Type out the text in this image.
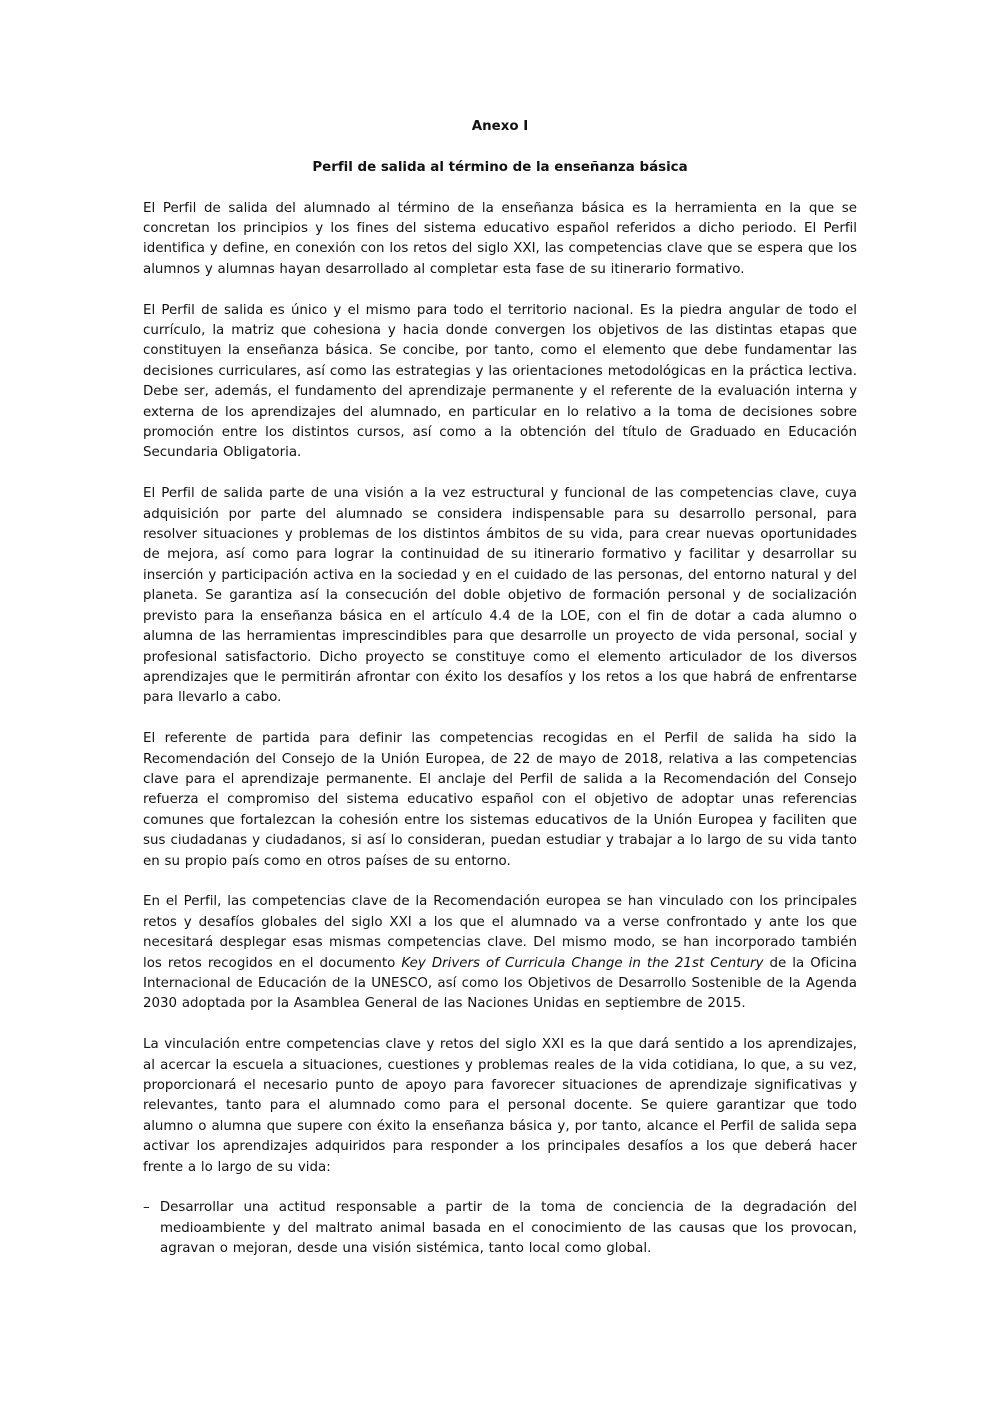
Anexo I
Perfil de salida al término de la enseñanza básica

El Perfil de salida del alumnado al término de la enseñanza básica es la herramienta en la que se concretan los principios y los fines del sistema educativo español referidos a dicho periodo. El Perfil identifica y define, en conexión con los retos del siglo XXI, las competencias clave que se espera que los alumnos y alumnas hayan desarrollado al completar esta fase de su itinerario formativo.

El Perfil de salida es único y el mismo para todo el territorio nacional. Es la piedra angular de todo el currículo, la matriz que cohesiona y hacia donde convergen los objetivos de las distintas etapas que constituyen la enseñanza básica. Se concibe, por tanto, como el elemento que debe fundamentar las decisiones curriculares, así como las estrategias y las orientaciones metodológicas en la práctica lectiva. Debe ser, además, el fundamento del aprendizaje permanente y el referente de la evaluación interna y externa de los aprendizajes del alumnado, en particular en lo relativo a la toma de decisiones sobre promoción entre los distintos cursos, así como a la obtención del título de Graduado en Educación Secundaria Obligatoria.

El Perfil de salida parte de una visión a la vez estructural y funcional de las competencias clave, cuya adquisición por parte del alumnado se considera indispensable para su desarrollo personal, para resolver situaciones y problemas de los distintos ámbitos de su vida, para crear nuevas oportunidades de mejora, así como para lograr la continuidad de su itinerario formativo y facilitar y desarrollar su inserción y participación activa en la sociedad y en el cuidado de las personas, del entorno natural y del planeta. Se garantiza así la consecución del doble objetivo de formación personal y de socialización previsto para la enseñanza básica en el artículo 4.4 de la LOE, con el fin de dotar a cada alumno o alumna de las herramientas imprescindibles para que desarrolle un proyecto de vida personal, social y profesional satisfactorio. Dicho proyecto se constituye como el elemento articulador de los diversos aprendizajes que le permitirán afrontar con éxito los desafíos y los retos a los que habrá de enfrentarse para llevarlo a cabo.

El referente de partida para definir las competencias recogidas en el Perfil de salida ha sido la Recomendación del Consejo de la Unión Europea, de 22 de mayo de 2018, relativa a las competencias clave para el aprendizaje permanente. El anclaje del Perfil de salida a la Recomendación del Consejo refuerza el compromiso del sistema educativo español con el objetivo de adoptar unas referencias comunes que fortalezcan la cohesión entre los sistemas educativos de la Unión Europea y faciliten que sus ciudadanas y ciudadanos, si así lo consideran, puedan estudiar y trabajar a lo largo de su vida tanto en su propio país como en otros países de su entorno.

En el Perfil, las competencias clave de la Recomendación europea se han vinculado con los principales retos y desafíos globales del siglo XXI a los que el alumnado va a verse confrontado y ante los que necesitará desplegar esas mismas competencias clave. Del mismo modo, se han incorporado también los retos recogidos en el documento Key Drivers of Curricula Change in the 21st Century de la Oficina Internacional de Educación de la UNESCO, así como los Objetivos de Desarrollo Sostenible de la Agenda 2030 adoptada por la Asamblea General de las Naciones Unidas en septiembre de 2015.

La vinculación entre competencias clave y retos del siglo XXI es la que dará sentido a los aprendizajes, al acercar la escuela a situaciones, cuestiones y problemas reales de la vida cotidiana, lo que, a su vez, proporcionará el necesario punto de apoyo para favorecer situaciones de aprendizaje significativas y relevantes, tanto para el alumnado como para el personal docente. Se quiere garantizar que todo alumno o alumna que supere con éxito la enseñanza básica y, por tanto, alcance el Perfil de salida sepa activar los aprendizajes adquiridos para responder a los principales desafíos a los que deberá hacer frente a lo largo de su vida:

– Desarrollar una actitud responsable a partir de la toma de conciencia de la degradación del medioambiente y del maltrato animal basada en el conocimiento de las causas que los provocan, agravan o mejoran, desde una visión sistémica, tanto local como global.
